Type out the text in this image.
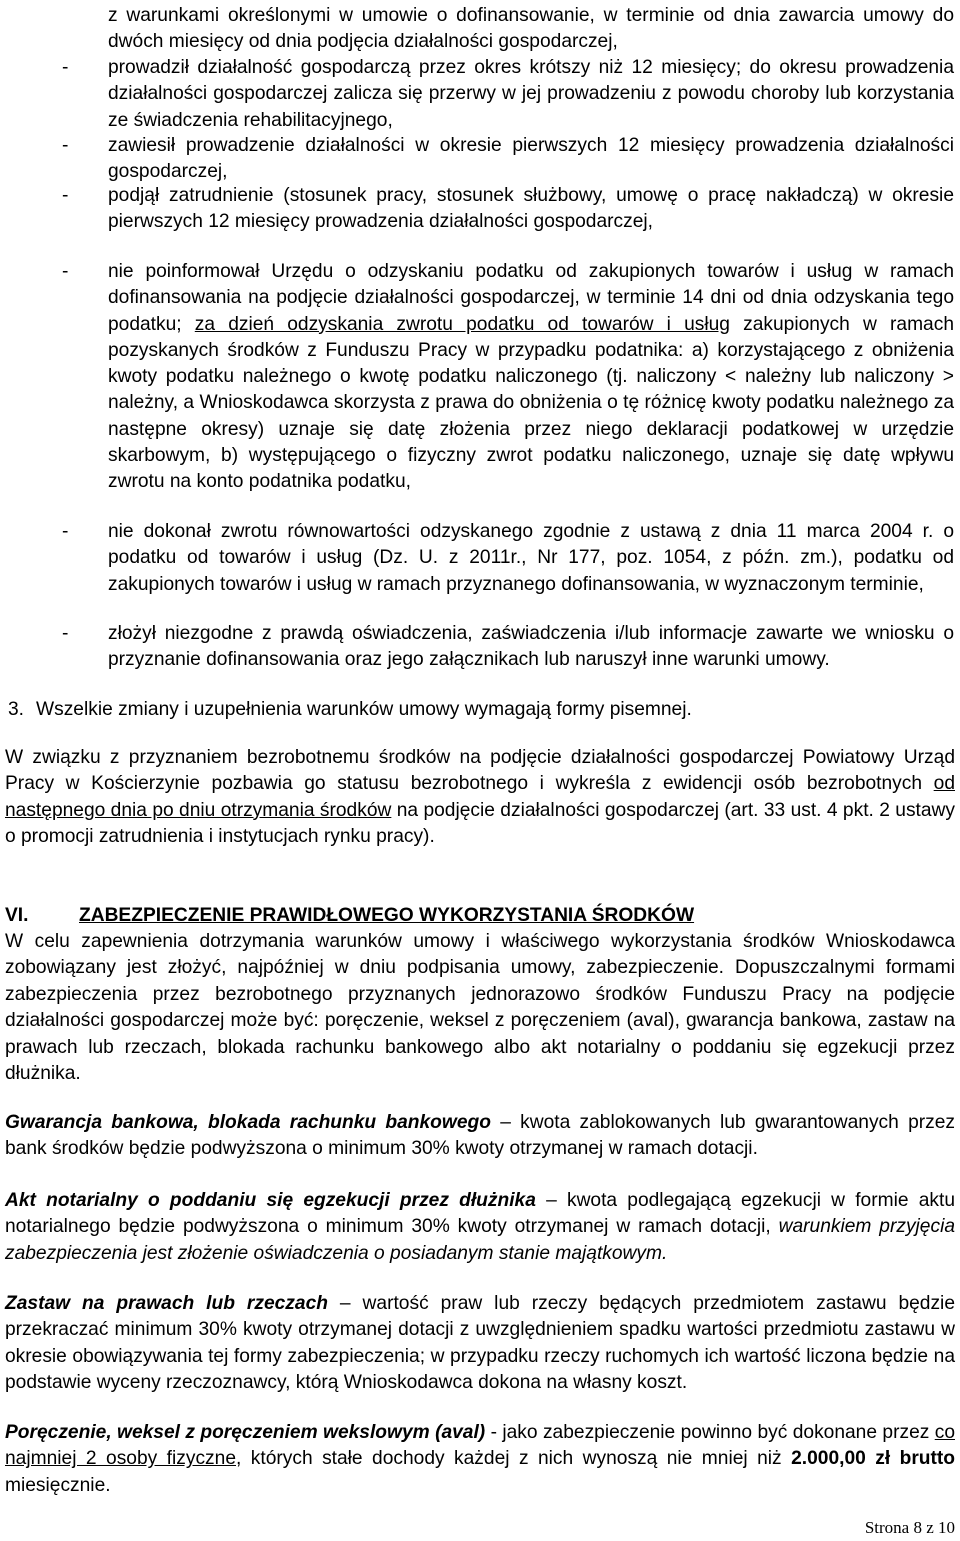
z warunkami określonymi w umowie o dofinansowanie, w terminie od dnia zawarcia umowy do dwóch miesięcy od dnia podjęcia działalności gospodarczej,

-	prowadził działalność gospodarczą przez okres krótszy niż 12 miesięcy; do okresu prowadzenia działalności gospodarczej zalicza się przerwy w jej prowadzeniu z powodu choroby lub korzystania ze świadczenia rehabilitacyjnego,

-	zawiesił prowadzenie działalności w okresie pierwszych 12 miesięcy prowadzenia działalności gospodarczej,

-	podjął zatrudnienie (stosunek pracy, stosunek służbowy, umowę o pracę nakładczą) w okresie pierwszych 12 miesięcy prowadzenia działalności gospodarczej,

-	nie poinformował Urzędu o odzyskaniu podatku od zakupionych towarów i usług w ramach dofinansowania na podjęcie działalności gospodarczej, w terminie 14 dni od dnia odzyskania tego podatku; za dzień odzyskania zwrotu podatku od towarów i usług zakupionych w ramach pozyskanych środków z Funduszu Pracy w przypadku podatnika: a) korzystającego z obniżenia kwoty podatku należnego o kwotę podatku naliczonego (tj. naliczony < należny lub naliczony > należny, a Wnioskodawca skorzysta z prawa do obniżenia o tę różnicę kwoty podatku należnego za następne okresy) uznaje się datę złożenia przez niego deklaracji podatkowej w urzędzie skarbowym, b) występującego o fizyczny zwrot podatku naliczonego, uznaje się datę wpływu zwrotu na konto podatnika podatku,

-	nie dokonał zwrotu równowartości odzyskanego zgodnie z ustawą z dnia 11 marca 2004 r. o podatku od towarów i usług (Dz. U. z 2011r., Nr 177, poz. 1054, z późn. zm.), podatku od zakupionych towarów i usług w ramach przyznanego dofinansowania, w wyznaczonym terminie,

-	złożył niezgodne z prawdą oświadczenia, zaświadczenia i/lub informacje zawarte we wniosku o przyznanie dofinansowania oraz jego załącznikach lub naruszył inne warunki umowy.

3. Wszelkie zmiany i uzupełnienia warunków umowy wymagają formy pisemnej.

W związku z przyznaniem bezrobotnemu środków na podjęcie działalności gospodarczej Powiatowy Urząd Pracy w Kościerzynie pozbawia go statusu bezrobotnego i wykreśla z ewidencji osób bezrobotnych od następnego dnia po dniu otrzymania środków na podjęcie działalności gospodarczej (art. 33 ust. 4 pkt. 2 ustawy o promocji zatrudnienia i instytucjach rynku pracy).

VI.	ZABEZPIECZENIE PRAWIDŁOWEGO WYKORZYSTANIA ŚRODKÓW

W celu zapewnienia dotrzymania warunków umowy i właściwego wykorzystania środków Wnioskodawca zobowiązany jest złożyć, najpóźniej w dniu podpisania umowy, zabezpieczenie. Dopuszczalnymi formami zabezpieczenia przez bezrobotnego przyznanych jednorazowo środków Funduszu Pracy na podjęcie działalności gospodarczej może być: poręczenie, weksel z poręczeniem (aval), gwarancja bankowa, zastaw na prawach lub rzeczach, blokada rachunku bankowego albo akt notarialny o poddaniu się egzekucji przez dłużnika.

Gwarancja bankowa, blokada rachunku bankowego – kwota zablokowanych lub gwarantowanych przez bank środków będzie podwyższona o minimum 30% kwoty otrzymanej w ramach dotacji.

Akt notarialny o poddaniu się egzekucji przez dłużnika – kwota podlegającą egzekucji w formie aktu notarialnego będzie podwyższona o minimum 30% kwoty otrzymanej w ramach dotacji, warunkiem przyjęcia zabezpieczenia jest złożenie oświadczenia o posiadanym stanie majątkowym.

Zastaw na prawach lub rzeczach – wartość praw lub rzeczy będących przedmiotem zastawu będzie przekraczać minimum 30% kwoty otrzymanej dotacji z uwzględnieniem spadku wartości przedmiotu zastawu w okresie obowiązywania tej formy zabezpieczenia; w przypadku rzeczy ruchomych ich wartość liczona będzie na podstawie wyceny rzeczoznawcy, którą Wnioskodawca dokona na własny koszt.

Poręczenie, weksel z poręczeniem wekslowym (aval) - jako zabezpieczenie powinno być dokonane przez co najmniej 2 osoby fizyczne, których stałe dochody każdej z nich wynoszą nie mniej niż 2.000,00 zł brutto miesięcznie.

Strona 8 z 10
